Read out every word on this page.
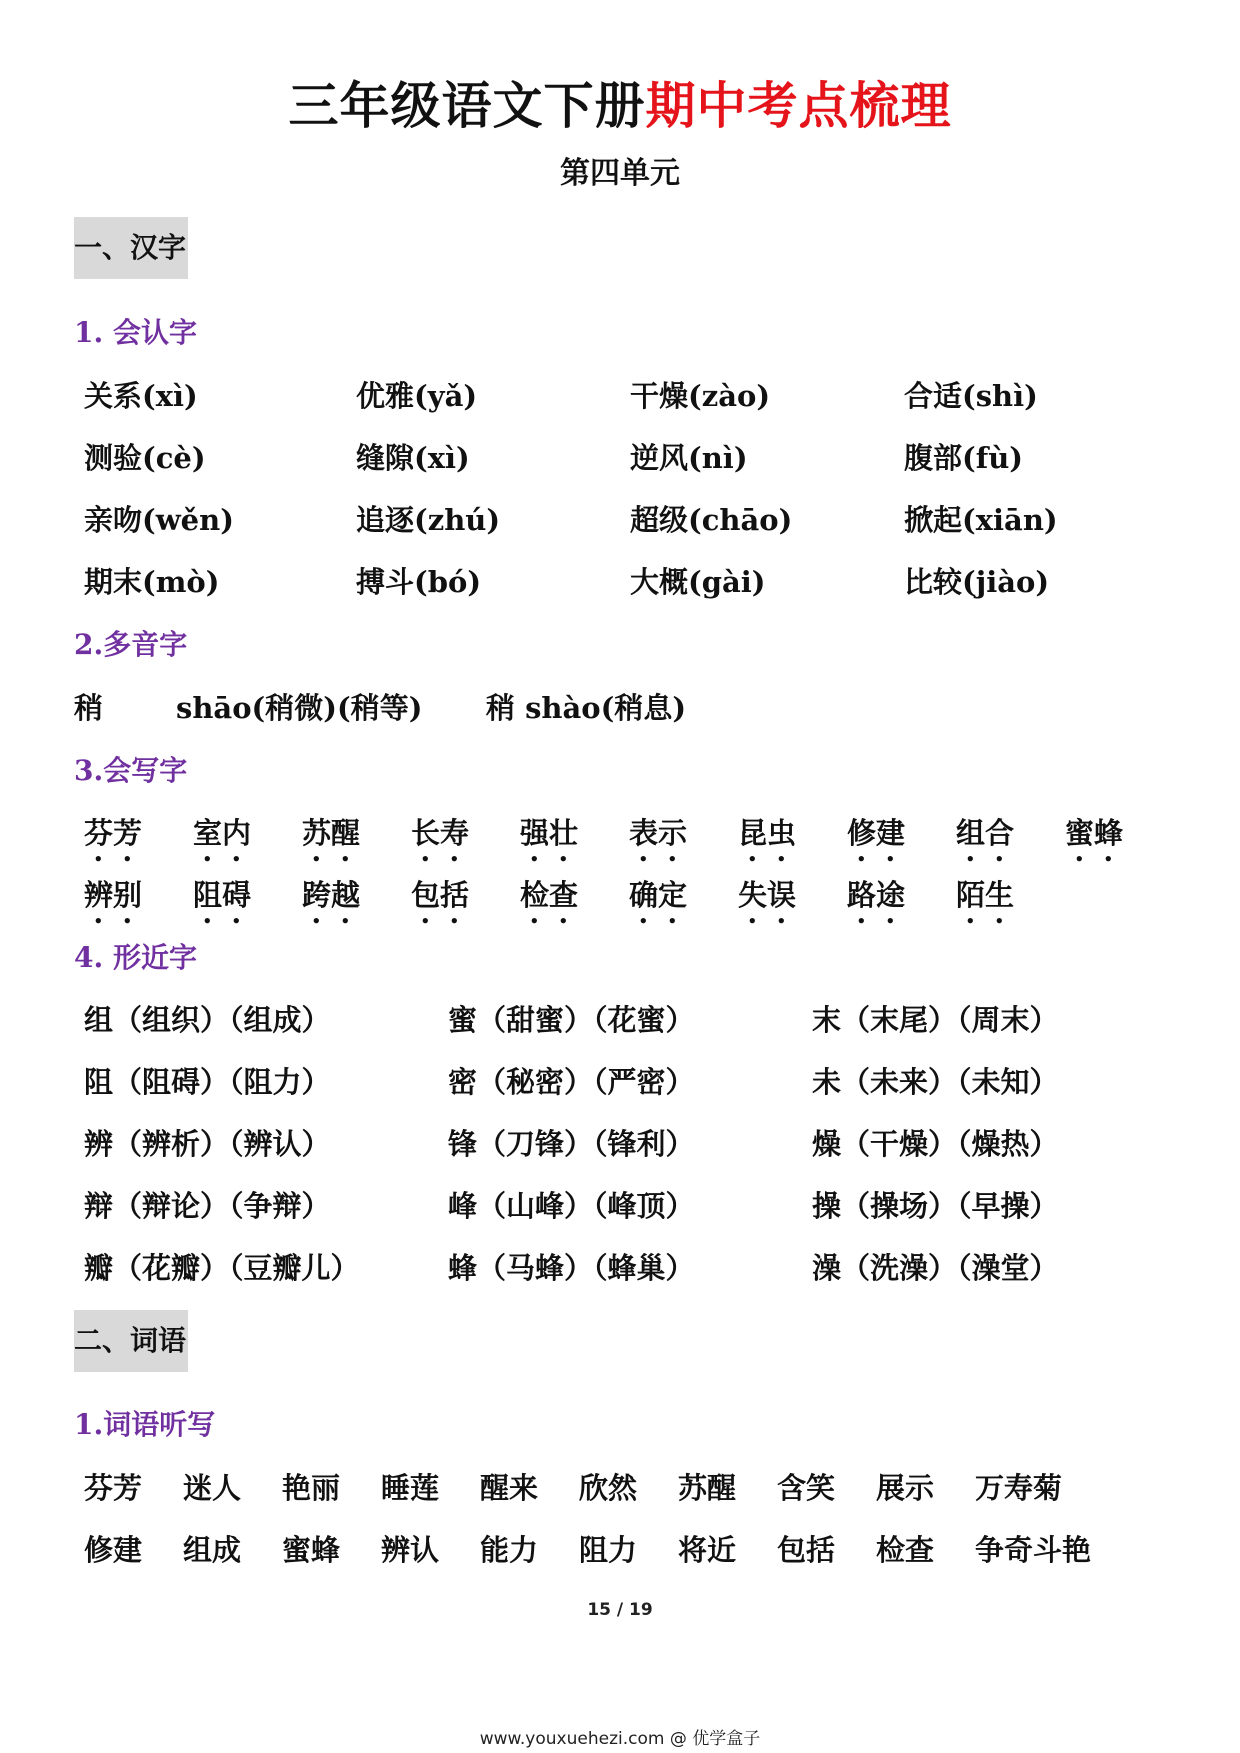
三年级语文下册期中考点梳理
第四单元
一、汉字
1. 会认字
关系(xì)	优雅(yǎ)	干燥(zào)	合适(shì)
测验(cè)	缝隙(xì)	逆风(nì)	腹部(fù)
亲吻(wěn)	追逐(zhú)	超级(chāo)	掀起(xiān)
期末(mò)	搏斗(bó)	大概(gài)	比较(jiào)
2.多音字
稍	shāo(稍微)(稍等) 稍 shào(稍息)
3.会写字
芬芳 室内 苏醒 长寿 强壮 表示 昆虫 修建 组合 蜜蜂
辨别 阻碍 跨越 包括 检查 确定 失误 路途 陌生
4. 形近字
组（组织）（组成）	蜜（甜蜜）（花蜜）	末（末尾）（周末）
阻（阻碍）（阻力）	密（秘密）（严密）	未（未来）（未知）
辨（辨析）（辨认）	锋（刀锋）（锋利）	燥（干燥）（燥热）
辩（辩论）（争辩）	峰（山峰）（峰顶）	操（操场）（早操）
瓣（花瓣）（豆瓣儿）	蜂（马蜂）（蜂巢）	澡（洗澡）（澡堂）
二、词语
1.词语听写
芬芳 迷人 艳丽 睡莲 醒来 欣然 苏醒 含笑 展示 万寿菊
修建 组成 蜜蜂 辨认 能力 阻力 将近 包括 检查 争奇斗艳
15 / 19
www.youxuehezi.com @ 优学盒子
